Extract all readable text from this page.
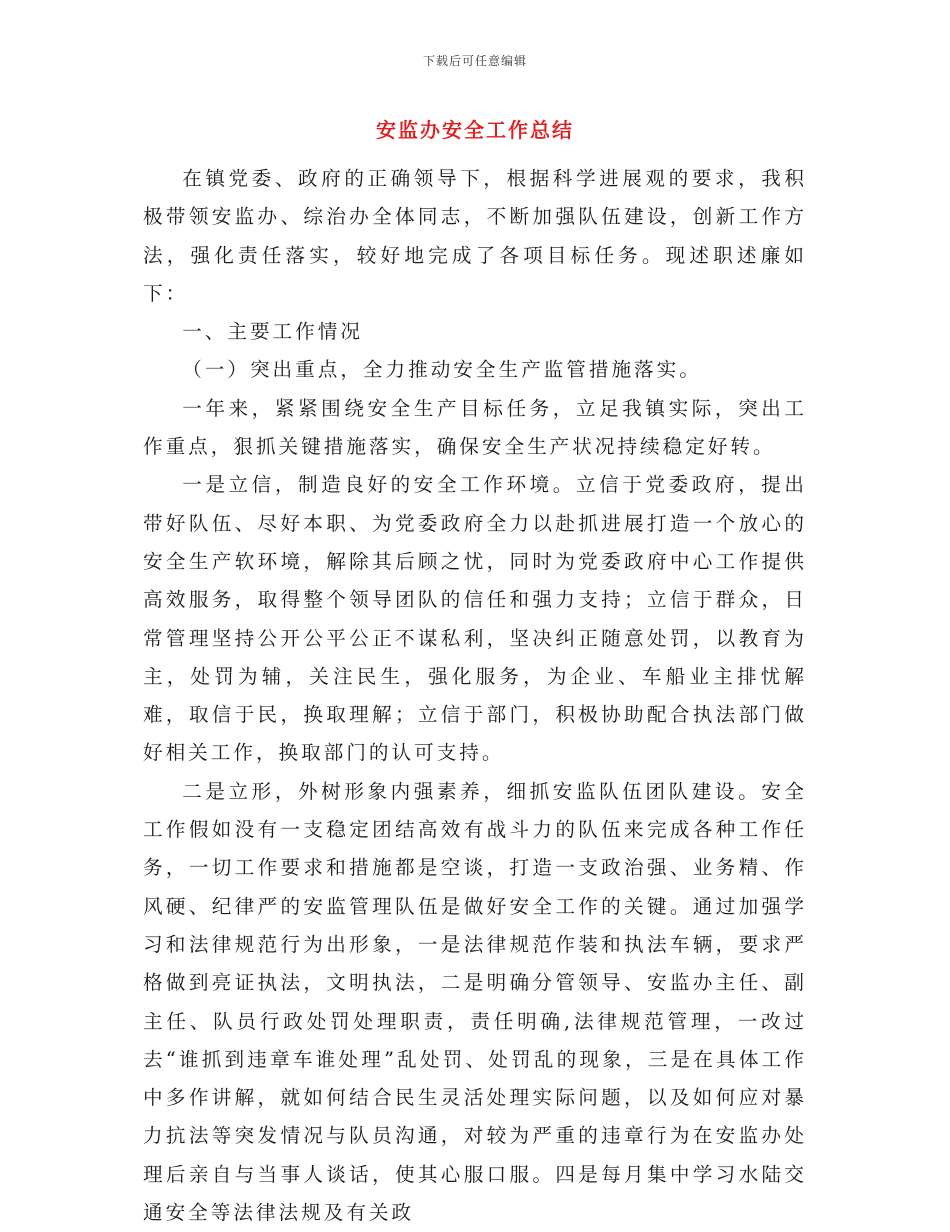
下载后可任意编辑
安监办安全工作总结

在镇党委、政府的正确领导下，根据科学进展观的要求，我积极带领安监办、综治办全体同志，不断加强队伍建设，创新工作方法，强化责任落实，较好地完成了各项目标任务。现述职述廉如下：

一、主要工作情况

（一）突出重点，全力推动安全生产监管措施落实。

一年来，紧紧围绕安全生产目标任务，立足我镇实际，突出工作重点，狠抓关键措施落实，确保安全生产状况持续稳定好转。

一是立信，制造良好的安全工作环境。立信于党委政府，提出带好队伍、尽好本职、为党委政府全力以赴抓进展打造一个放心的安全生产软环境，解除其后顾之忧，同时为党委政府中心工作提供高效服务，取得整个领导团队的信任和强力支持；立信于群众，日常管理坚持公开公平公正不谋私利，坚决纠正随意处罚，以教育为主，处罚为辅，关注民生，强化服务，为企业、车船业主排忧解难，取信于民，换取理解；立信于部门，积极协助配合执法部门做好相关工作，换取部门的认可支持。

二是立形，外树形象内强素养，细抓安监队伍团队建设。安全工作假如没有一支稳定团结高效有战斗力的队伍来完成各种工作任务，一切工作要求和措施都是空谈，打造一支政治强、业务精、作风硬、纪律严的安监管理队伍是做好安全工作的关键。通过加强学习和法律规范行为出形象，一是法律规范作装和执法车辆，要求严格做到亮证执法，文明执法，二是明确分管领导、安监办主任、副主任、队员行政处罚处理职责，责任明确,法律规范管理，一改过去“谁抓到违章车谁处理”乱处罚、处罚乱的现象，三是在具体工作中多作讲解，就如何结合民生灵活处理实际问题，以及如何应对暴力抗法等突发情况与队员沟通，对较为严重的违章行为在安监办处理后亲自与当事人谈话，使其心服口服。四是每月集中学习水陆交通安全等法律法规及有关政
